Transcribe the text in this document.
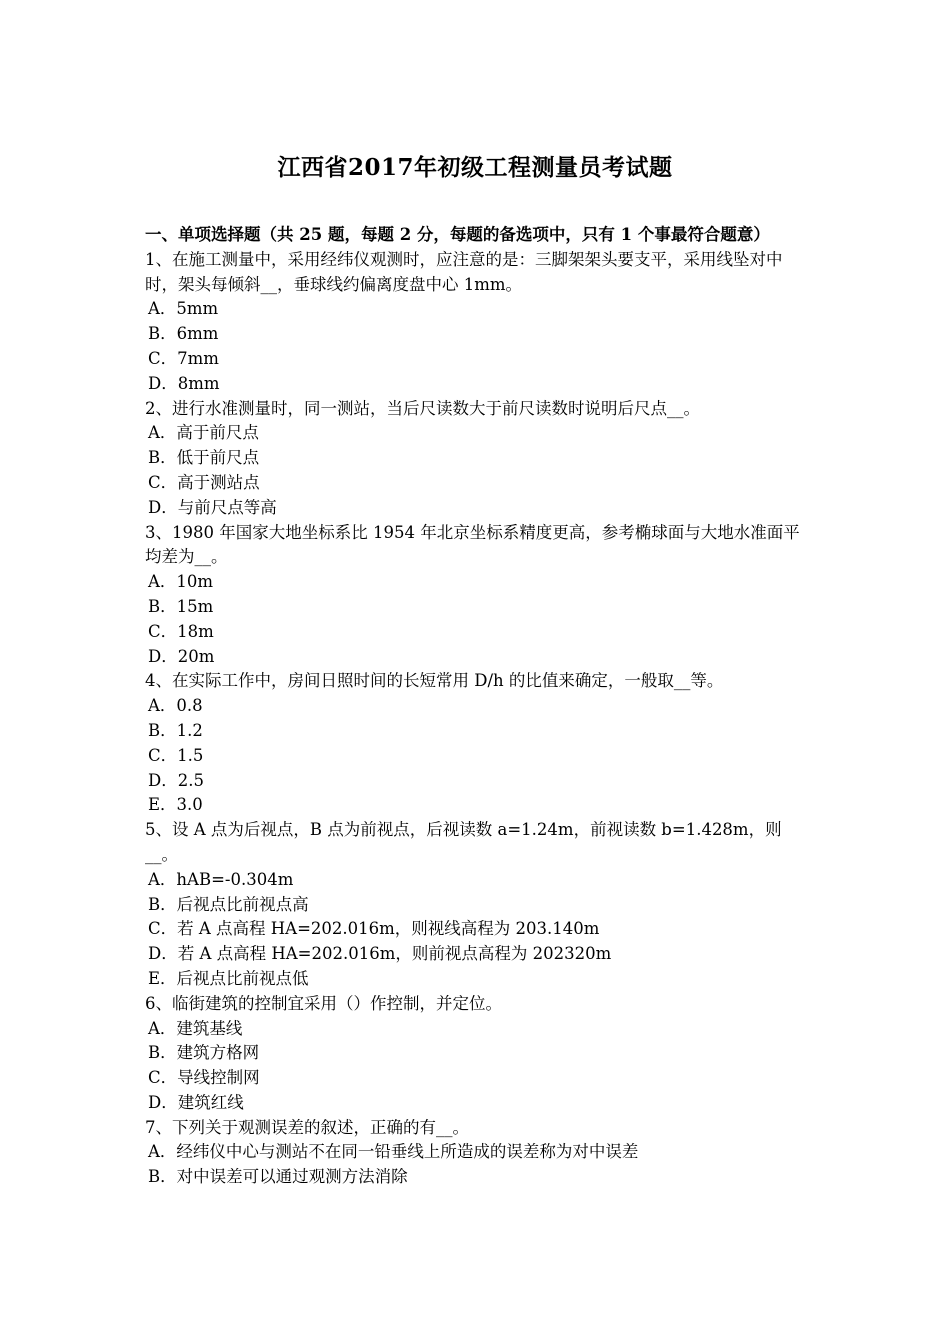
江西省2017年初级工程测量员考试题

一、单项选择题（共 25 题，每题 2 分，每题的备选项中，只有 1 个事最符合题意）

1、在施工测量中，采用经纬仪观测时，应注意的是：三脚架架头要支平，采用线坠对中时，架头每倾斜__，垂球线约偏离度盘中心 1mm。

A．5mm

B．6mm

C．7mm

D．8mm

2、进行水准测量时，同一测站，当后尺读数大于前尺读数时说明后尺点__。

A．高于前尺点

B．低于前尺点

C．高于测站点

D．与前尺点等高

3、1980 年国家大地坐标系比 1954 年北京坐标系精度更高，参考椭球面与大地水准面平均差为__。

A．10m

B．15m

C．18m

D．20m

4、在实际工作中，房间日照时间的长短常用 D/h 的比值来确定，一般取__等。

A．0.8

B．1.2

C．1.5

D．2.5

E．3.0

5、设 A 点为后视点，B 点为前视点，后视读数 a=1.24m，前视读数 b=1.428m，则__。

A．hAB=-0.304m

B．后视点比前视点高

C．若 A 点高程 HA=202.016m，则视线高程为 203.140m

D．若 A 点高程 HA=202.016m，则前视点高程为 202320m

E．后视点比前视点低

6、临街建筑的控制宜采用（）作控制，并定位。

A．建筑基线

B．建筑方格网

C．导线控制网

D．建筑红线

7、下列关于观测误差的叙述，正确的有__。

A．经纬仪中心与测站不在同一铅垂线上所造成的误差称为对中误差

B．对中误差可以通过观测方法消除
